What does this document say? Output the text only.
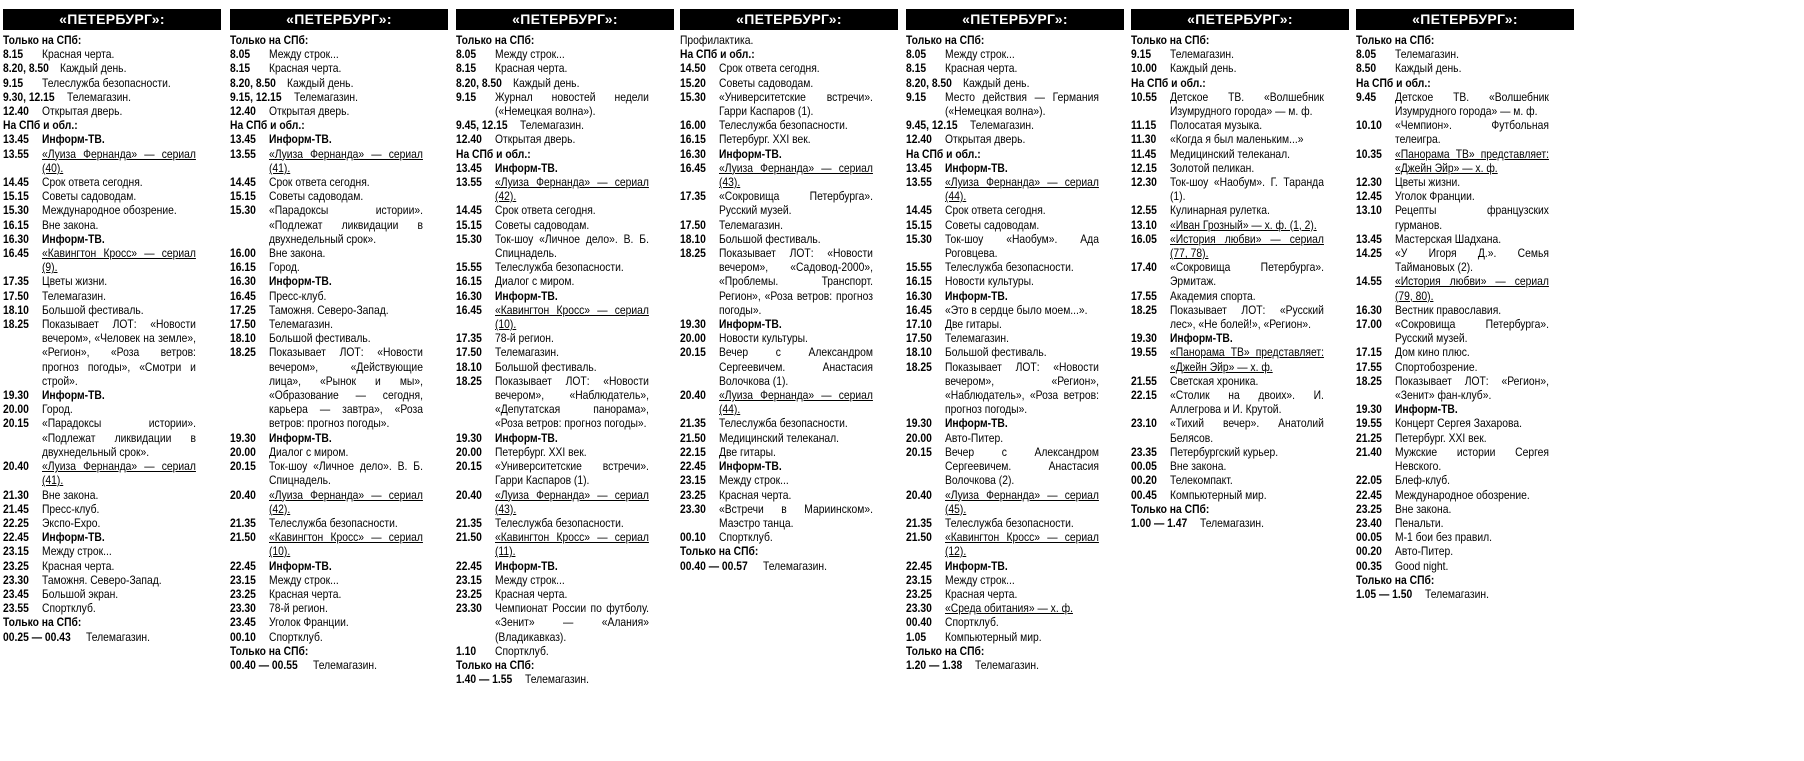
«ПЕТЕРБУРГ»:
Только на СПб:
8.15	Красная черта.
8.20, 8.50 Каждый день.
9.15	Телеслужба безопасности.
9.30, 12.15 Телемагазин.
12.40	Открытая дверь.
На СПб и обл.:
13.45	Информ-ТВ.
13.55	«Луиза Фернанда» — сериал (40).
14.45	Срок ответа сегодня.
15.15	Советы садоводам.
15.30	Международное обозрение.
16.15	Вне закона.
16.30	Информ-ТВ.
16.45	«Кавингтон Кросс» — сериал (9).
17.35	Цветы жизни.
17.50	Телемагазин.
18.10	Большой фестиваль.
18.25	Показывает ЛОТ: «Новости вечером», «Человек на земле», «Регион», «Роза ветров: прогноз погоды», «Смотри и строй».
19.30	Информ-ТВ.
20.00	Город.
20.15	«Парадоксы истории». «Подлежат ликвидации в двухнедельный срок».
20.40	«Луиза Фернанда» — сериал (41).
21.30	Вне закона.
21.45	Пресс-клуб.
22.25	Экспо-Expo.
22.45	Информ-ТВ.
23.15	Между строк...
23.25	Красная черта.
23.30	Таможня. Северо-Запад.
23.45	Большой экран.
23.55	Спортклуб.
Только на СПб:
00.25 — 00.43 Телемагазин.
«ПЕТЕРБУРГ»:
Только на СПб:
8.05	Между строк...
8.15	Красная черта.
8.20, 8.50 Каждый день.
9.15, 12.15 Телемагазин.
12.40	Открытая дверь.
На СПб и обл.:
13.45	Информ-ТВ.
13.55	«Луиза Фернанда» — сериал (41).
14.45	Срок ответа сегодня.
15.15	Советы садоводам.
15.30	«Парадоксы истории». «Подлежат ликвидации в двухнедельный срок».
16.00	Вне закона.
16.15	Город.
16.30	Информ-ТВ.
16.45	Пресс-клуб.
17.25	Таможня. Северо-Запад.
17.50	Телемагазин.
18.10	Большой фестиваль.
18.25	Показывает ЛОТ: «Новости вечером», «Действующие лица», «Рынок и мы», «Образование — сегодня, карьера — завтра», «Роза ветров: прогноз погоды».
19.30	Информ-ТВ.
20.00	Диалог с миром.
20.15	Ток-шоу «Личное дело». В. Б. Спицнадель.
20.40	«Луиза Фернанда» — сериал (42).
21.35	Телеслужба безопасности.
21.50	«Кавингтон Кросс» — сериал (10).
22.45	Информ-ТВ.
23.15	Между строк...
23.25	Красная черта.
23.30	78-й регион.
23.45	Уголок Франции.
00.10	Спортклуб.
Только на СПб:
00.40 — 00.55 Телемагазин.
«ПЕТЕРБУРГ»:
Только на СПб:
8.05	Между строк...
8.15	Красная черта.
8.20, 8.50 Каждый день.
9.15	Журнал новостей недели («Немецкая волна»).
9.45, 12.15 Телемагазин.
12.40	Открытая дверь.
На СПб и обл.:
13.45	Информ-ТВ.
13.55	«Луиза Фернанда» — сериал (42).
14.45	Срок ответа сегодня.
15.15	Советы садоводам.
15.30	Ток-шоу «Личное дело». В. Б. Спицнадель.
15.55	Телеслужба безопасности.
16.15	Диалог с миром.
16.30	Информ-ТВ.
16.45	«Кавингтон Кросс» — сериал (10).
17.35	78-й регион.
17.50	Телемагазин.
18.10	Большой фестиваль.
18.25	Показывает ЛОТ: «Новости вечером», «Наблюдатель», «Депутатская панорама», «Роза ветров: прогноз погоды».
19.30	Информ-ТВ.
20.00	Петербург. XXI век.
20.15	«Университетские встречи». Гарри Каспаров (1).
20.40	«Луиза Фернанда» — сериал (43).
21.35	Телеслужба безопасности.
21.50	«Кавингтон Кросс» — сериал (11).
22.45	Информ-ТВ.
23.15	Между строк...
23.25	Красная черта.
23.30	Чемпионат России по футболу. «Зенит» — «Алания» (Владикавказ).
1.10	Спортклуб.
Только на СПб:
1.40 — 1.55 Телемагазин.
«ПЕТЕРБУРГ»:
Профилактика.
На СПб и обл.:
14.50	Срок ответа сегодня.
15.20	Советы садоводам.
15.30	«Университетские встречи». Гарри Каспаров (1).
16.00	Телеслужба безопасности.
16.15	Петербург. XXI век.
16.30	Информ-ТВ.
16.45	«Луиза Фернанда» — сериал (43).
17.35	«Сокровища Петербурга». Русский музей.
17.50	Телемагазин.
18.10	Большой фестиваль.
18.25	Показывает ЛОТ: «Новости вечером», «Садовод-2000», «Проблемы. Транспорт. Регион», «Роза ветров: прогноз погоды».
19.30	Информ-ТВ.
20.00	Новости культуры.
20.15	Вечер с Александром Сергеевичем. Анастасия Волочкова (1).
20.40	«Луиза Фернанда» — сериал (44).
21.35	Телеслужба безопасности.
21.50	Медицинский телеканал.
22.15	Две гитары.
22.45	Информ-ТВ.
23.15	Между строк...
23.25	Красная черта.
23.30	«Встречи в Мариинском». Маэстро танца.
00.10	Спортклуб.
Только на СПб:
00.40 — 00.57 Телемагазин.
«ПЕТЕРБУРГ»:
Только на СПб:
8.05	Между строк...
8.15	Красная черта.
8.20, 8.50 Каждый день.
9.15	Место действия — Германия («Немецкая волна»).
9.45, 12.15 Телемагазин.
12.40	Открытая дверь.
На СПб и обл.:
13.45	Информ-ТВ.
13.55	«Луиза Фернанда» — сериал (44).
14.45	Срок ответа сегодня.
15.15	Советы садоводам.
15.30	Ток-шоу «Наобум». Ада Роговцева.
15.55	Телеслужба безопасности.
16.15	Новости культуры.
16.30	Информ-ТВ.
16.45	«Это в сердце было моем...».
17.10	Две гитары.
17.50	Телемагазин.
18.10	Большой фестиваль.
18.25	Показывает ЛОТ: «Новости вечером», «Регион», «Наблюдатель», «Роза ветров: прогноз погоды».
19.30	Информ-ТВ.
20.00	Авто-Питер.
20.15	Вечер с Александром Сергеевичем. Анастасия Волочкова (2).
20.40	«Луиза Фернанда» — сериал (45).
21.35	Телеслужба безопасности.
21.50	«Кавингтон Кросс» — сериал (12).
22.45	Информ-ТВ.
23.15	Между строк...
23.25	Красная черта.
23.30	«Среда обитания» — х. ф.
00.40	Спортклуб.
1.05	Компьютерный мир.
Только на СПб:
1.20 — 1.38 Телемагазин.
«ПЕТЕРБУРГ»:
Только на СПб:
9.15	Телемагазин.
10.00	Каждый день.
На СПб и обл.:
10.55	Детское ТВ. «Волшебник Изумрудного города» — м. ф.
11.15	Полосатая музыка.
11.30	«Когда я был маленьким...»
11.45	Медицинский телеканал.
12.15	Золотой пеликан.
12.30	Ток-шоу «Наобум». Г. Таранда (1).
12.55	Кулинарная рулетка.
13.10	«Иван Грозный» — х. ф. (1, 2).
16.05	«История любви» — сериал (77, 78).
17.40	«Сокровища Петербурга». Эрмитаж.
17.55	Академия спорта.
18.25	Показывает ЛОТ: «Русский лес», «Не болей!», «Регион».
19.30	Информ-ТВ.
19.55	«Панорама ТВ» представляет: «Джейн Эйр» — х. ф.
21.55	Светская хроника.
22.15	«Столик на двоих». И. Аллегрова и И. Крутой.
23.10	«Тихий вечер». Анатолий Белясов.
23.35	Петербургский курьер.
00.05	Вне закона.
00.20	Телекомпакт.
00.45	Компьютерный мир.
Только на СПб:
1.00 — 1.47 Телемагазин.
«ПЕТЕРБУРГ»:
Только на СПб:
8.05	Телемагазин.
8.50	Каждый день.
На СПб и обл.:
9.45	Детское ТВ. «Волшебник Изумрудного города» — м. ф.
10.10	«Чемпион». Футбольная телеигра.
10.35	«Панорама ТВ» представляет: «Джейн Эйр» — х. ф.
12.30	Цветы жизни.
12.45	Уголок Франции.
13.10	Рецепты французских гурманов.
13.45	Мастерская Шадхана.
14.25	«У Игоря Д.». Семья Таймановых (2).
14.55	«История любви» — сериал (79, 80).
16.30	Вестник православия.
17.00	«Сокровища Петербурга». Русский музей.
17.15	Дом кино плюс.
17.55	Спортобозрение.
18.25	Показывает ЛОТ: «Регион», «Зенит» фан-клуб».
19.30	Информ-ТВ.
19.55	Концерт Сергея Захарова.
21.25	Петербург. XXI век.
21.40	Мужские истории Сергея Невского.
22.05	Блеф-клуб.
22.45	Международное обозрение.
23.25	Вне закона.
23.40	Пенальти.
00.05	М-1 бои без правил.
00.20	Авто-Питер.
00.35	Good night.
Только на СПб:
1.05 — 1.50 Телемагазин.
